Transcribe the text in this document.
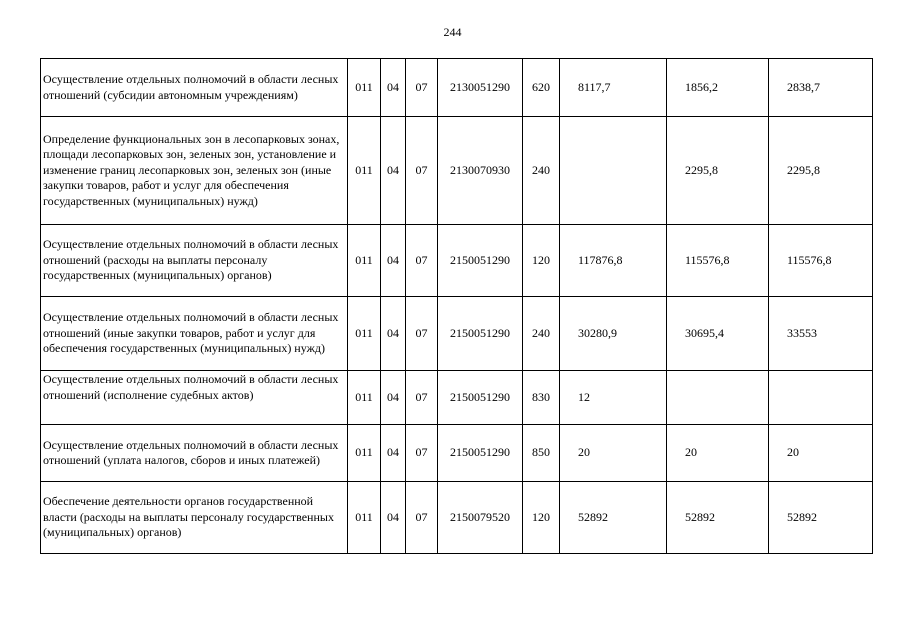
244
Осуществление отдельных полномочий в области лесных отношений (субсидии автономным учреждениям)	011	04	07	2130051290	620	8117,7	1856,2	2838,7
Определение функциональных зон в лесопарковых зонах, площади лесопарковых зон, зеленых зон, установление и изменение границ лесопарковых зон, зеленых зон (иные закупки товаров, работ и услуг для обеспечения государственных (муниципальных) нужд)	011	04	07	2130070930	240		2295,8	2295,8
Осуществление отдельных полномочий в области лесных отношений (расходы на выплаты персоналу государственных (муниципальных) органов)	011	04	07	2150051290	120	117876,8	115576,8	115576,8
Осуществление отдельных полномочий в области лесных отношений (иные закупки товаров, работ и услуг для обеспечения государственных (муниципальных) нужд)	011	04	07	2150051290	240	30280,9	30695,4	33553
Осуществление отдельных полномочий в области лесных отношений (исполнение судебных актов)	011	04	07	2150051290	830	12		
Осуществление отдельных полномочий в области лесных отношений (уплата налогов, сборов и иных платежей)	011	04	07	2150051290	850	20	20	20
Обеспечение деятельности органов государственной власти (расходы на выплаты персоналу государственных (муниципальных) органов)	011	04	07	2150079520	120	52892	52892	52892
